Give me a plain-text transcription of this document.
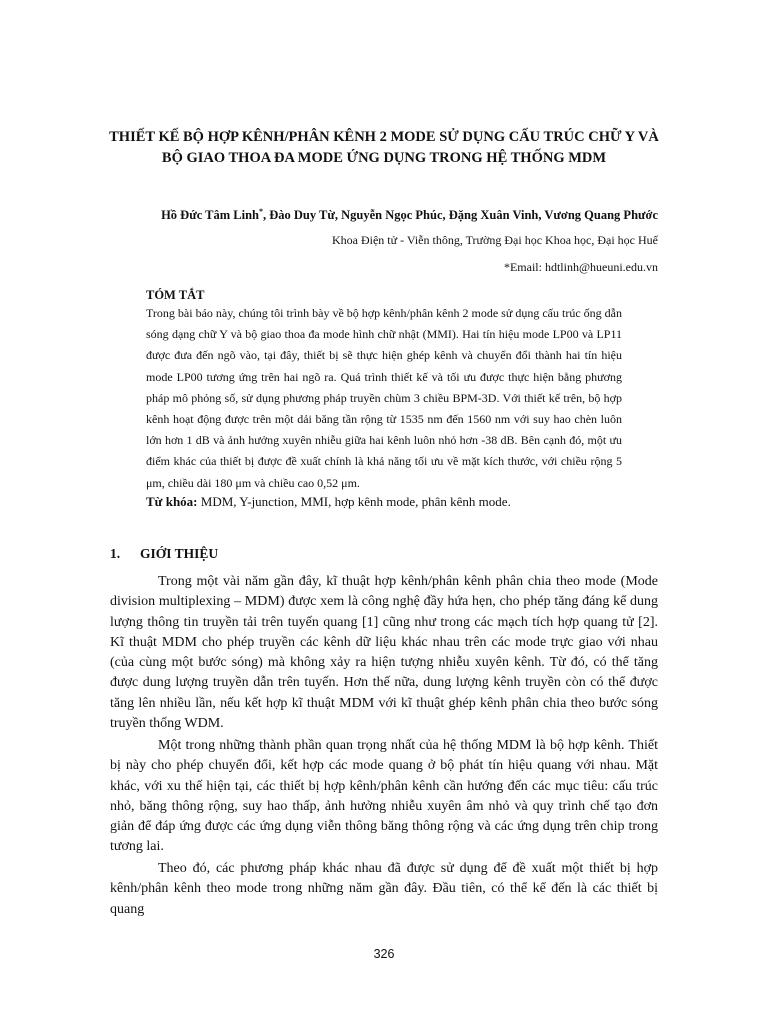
THIẾT KẾ BỘ HỢP KÊNH/PHÂN KÊNH 2 MODE SỬ DỤNG CẤU TRÚC CHỮ Y VÀ
BỘ GIAO THOA ĐA MODE ỨNG DỤNG TRONG HỆ THỐNG MDM
Hồ Đức Tâm Linh*, Đào Duy Từ, Nguyễn Ngọc Phúc, Đặng Xuân Vinh, Vương Quang Phước
Khoa Điện tử - Viễn thông, Trường Đại học Khoa học, Đại học Huế
*Email: hdtlinh@hueuni.edu.vn
TÓM TẮT

Trong bài báo này, chúng tôi trình bày về bộ hợp kênh/phân kênh 2 mode sử dụng cấu trúc ống dẫn sóng dạng chữ Y và bộ giao thoa đa mode hình chữ nhật (MMI). Hai tín hiệu mode LP00 và LP11 được đưa đến ngõ vào, tại đây, thiết bị sẽ thực hiện ghép kênh và chuyển đổi thành hai tín hiệu mode LP00 tương ứng trên hai ngõ ra. Quá trình thiết kế và tối ưu được thực hiện bằng phương pháp mô phỏng số, sử dụng phương pháp truyền chùm 3 chiều BPM-3D. Với thiết kế trên, bộ hợp kênh hoạt động được trên một dải băng tần rộng từ 1535 nm đến 1560 nm với suy hao chèn luôn lớn hơn 1 dB và ảnh hưởng xuyên nhiễu giữa hai kênh luôn nhỏ hơn -38 dB. Bên cạnh đó, một ưu điểm khác của thiết bị được đề xuất chính là khả năng tối ưu về mặt kích thước, với chiều rộng 5 μm, chiều dài 180 μm và chiều cao 0,52 μm.

Từ khóa: MDM, Y-junction, MMI, hợp kênh mode, phân kênh mode.
1. GIỚI THIỆU

Trong một vài năm gần đây, kĩ thuật hợp kênh/phân kênh phân chia theo mode (Mode division multiplexing – MDM) được xem là công nghệ đầy hứa hẹn, cho phép tăng đáng kể dung lượng thông tin truyền tải trên tuyến quang [1] cũng như trong các mạch tích hợp quang tử [2]. Kĩ thuật MDM cho phép truyền các kênh dữ liệu khác nhau trên các mode trực giao với nhau (của cùng một bước sóng) mà không xảy ra hiện tượng nhiễu xuyên kênh. Từ đó, có thể tăng được dung lượng truyền dẫn trên tuyến. Hơn thế nữa, dung lượng kênh truyền còn có thể được tăng lên nhiều lần, nếu kết hợp kĩ thuật MDM với kĩ thuật ghép kênh phân chia theo bước sóng truyền thống WDM.

Một trong những thành phần quan trọng nhất của hệ thống MDM là bộ hợp kênh. Thiết bị này cho phép chuyển đổi, kết hợp các mode quang ở bộ phát tín hiệu quang với nhau. Mặt khác, với xu thế hiện tại, các thiết bị hợp kênh/phân kênh cần hướng đến các mục tiêu: cấu trúc nhỏ, băng thông rộng, suy hao thấp, ảnh hưởng nhiễu xuyên âm nhỏ và quy trình chế tạo đơn giản để đáp ứng được các ứng dụng viễn thông băng thông rộng và các ứng dụng trên chip trong tương lai.

Theo đó, các phương pháp khác nhau đã được sử dụng để đề xuất một thiết bị hợp kênh/phân kênh theo mode trong những năm gần đây. Đầu tiên, có thể kể đến là các thiết bị quang

326
